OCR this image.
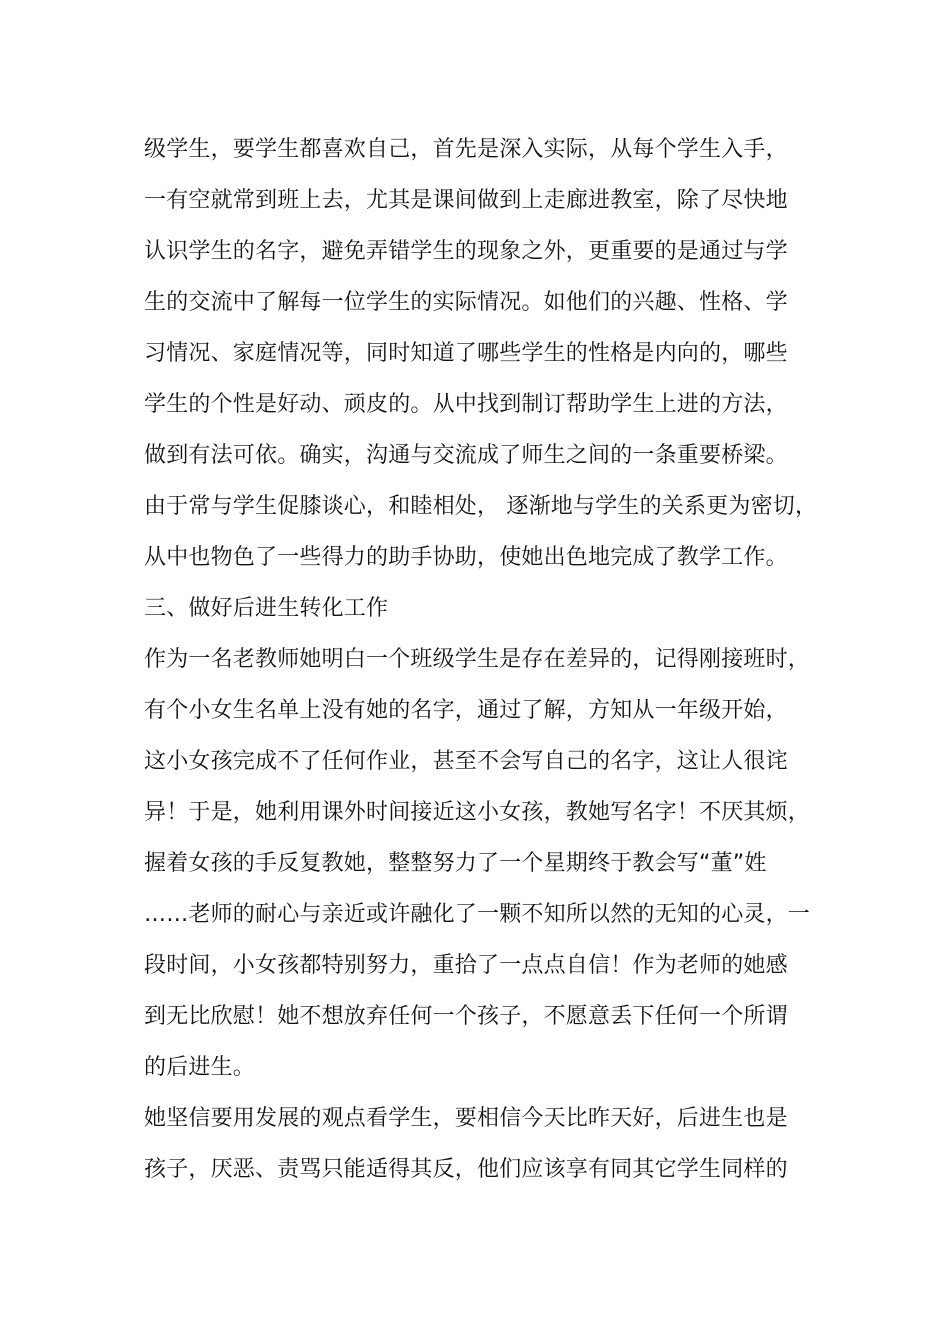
级学生，要学生都喜欢自己，首先是深入实际，从每个学生入手，
一有空就常到班上去，尤其是课间做到上走廊进教室，除了尽快地
认识学生的名字，避免弄错学生的现象之外，更重要的是通过与学
生的交流中了解每一位学生的实际情况。如他们的兴趣、性格、学
习情况、家庭情况等，同时知道了哪些学生的性格是内向的，哪些
学生的个性是好动、顽皮的。从中找到制订帮助学生上进的方法，
做到有法可依。确实，沟通与交流成了师生之间的一条重要桥梁。
由于常与学生促膝谈心，和睦相处， 逐渐地与学生的关系更为密切，
从中也物色了一些得力的助手协助，使她出色地完成了教学工作。
三、做好后进生转化工作
作为一名老教师她明白一个班级学生是存在差异的，记得刚接班时，
有个小女生名单上没有她的名字，通过了解，方知从一年级开始，
这小女孩完成不了任何作业，甚至不会写自己的名字，这让人很诧
异！于是，她利用课外时间接近这小女孩，教她写名字！不厌其烦，
握着女孩的手反复教她，整整努力了一个星期终于教会写“董”姓
……老师的耐心与亲近或许融化了一颗不知所以然的无知的心灵，一
段时间，小女孩都特别努力，重拾了一点点自信！作为老师的她感
到无比欣慰！她不想放弃任何一个孩子，不愿意丢下任何一个所谓
的后进生。
她坚信要用发展的观点看学生，要相信今天比昨天好，后进生也是
孩子，厌恶、责骂只能适得其反，他们应该享有同其它学生同样的
